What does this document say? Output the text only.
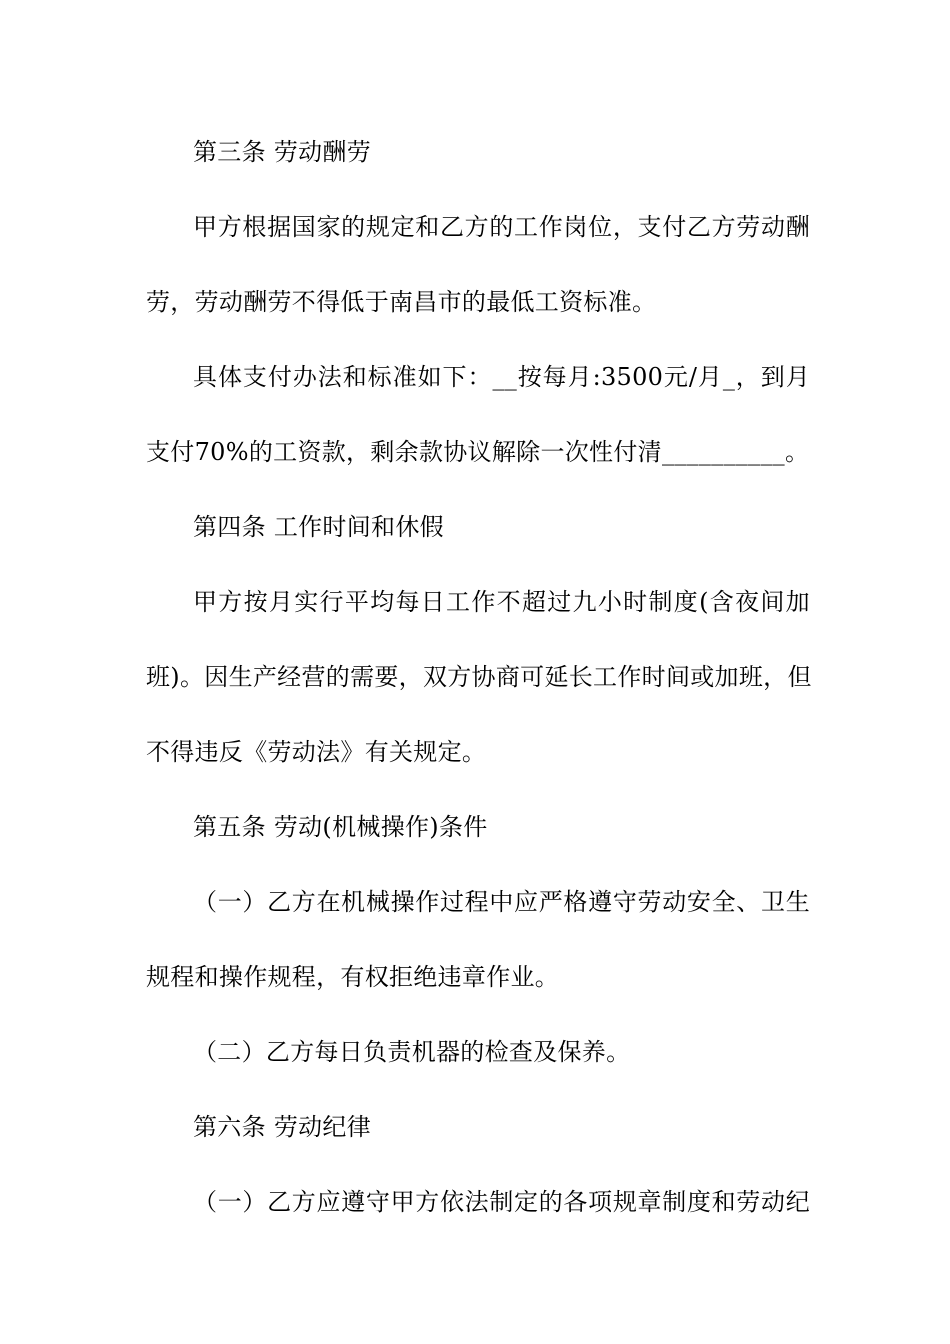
第三条 劳动酬劳
甲方根据国家的规定和乙方的工作岗位，支付乙方劳动酬
劳，劳动酬劳不得低于南昌市的最低工资标准。
具体支付办法和标准如下：__按每月:3500元/月_，到月
支付70%的工资款，剩余款协议解除一次性付清__________。
第四条 工作时间和休假
甲方按月实行平均每日工作不超过九小时制度(含夜间加
班)。因生产经营的需要，双方协商可延长工作时间或加班，但
不得违反《劳动法》有关规定。
第五条 劳动(机械操作)条件
（一）乙方在机械操作过程中应严格遵守劳动安全、卫生
规程和操作规程，有权拒绝违章作业。
（二）乙方每日负责机器的检查及保养。
第六条 劳动纪律
（一）乙方应遵守甲方依法制定的各项规章制度和劳动纪
